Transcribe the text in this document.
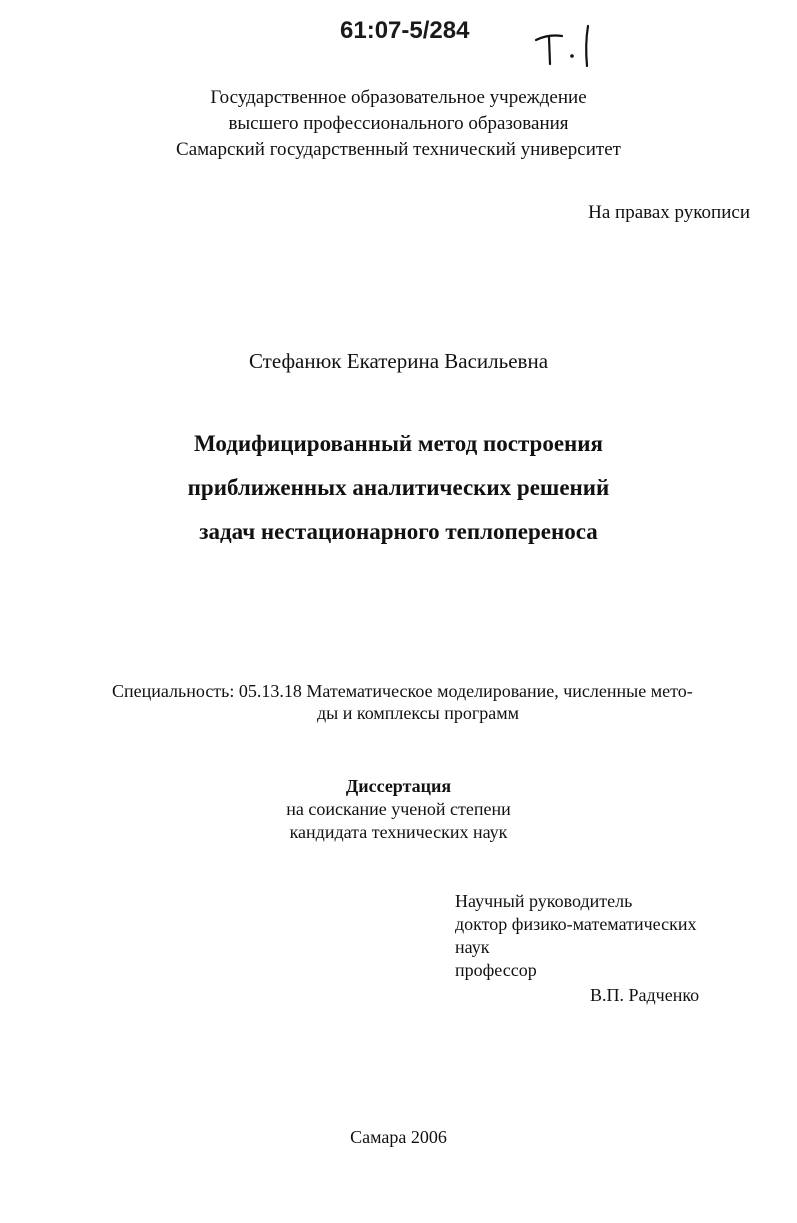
61:07-5/284
Государственное образовательное учреждение
высшего профессионального образования
Самарский государственный технический университет
На правах рукописи
Стефанюк Екатерина Васильевна
Модифицированный метод построения
приближенных аналитических решений
задач нестационарного теплопереноса
Специальность: 05.13.18 Математическое моделирование, численные мето-
ды и комплексы программ
Диссертация
на соискание ученой степени
кандидата технических наук
Научный руководитель
доктор физико-математических
наук
профессор
В.П. Радченко
Самара 2006
